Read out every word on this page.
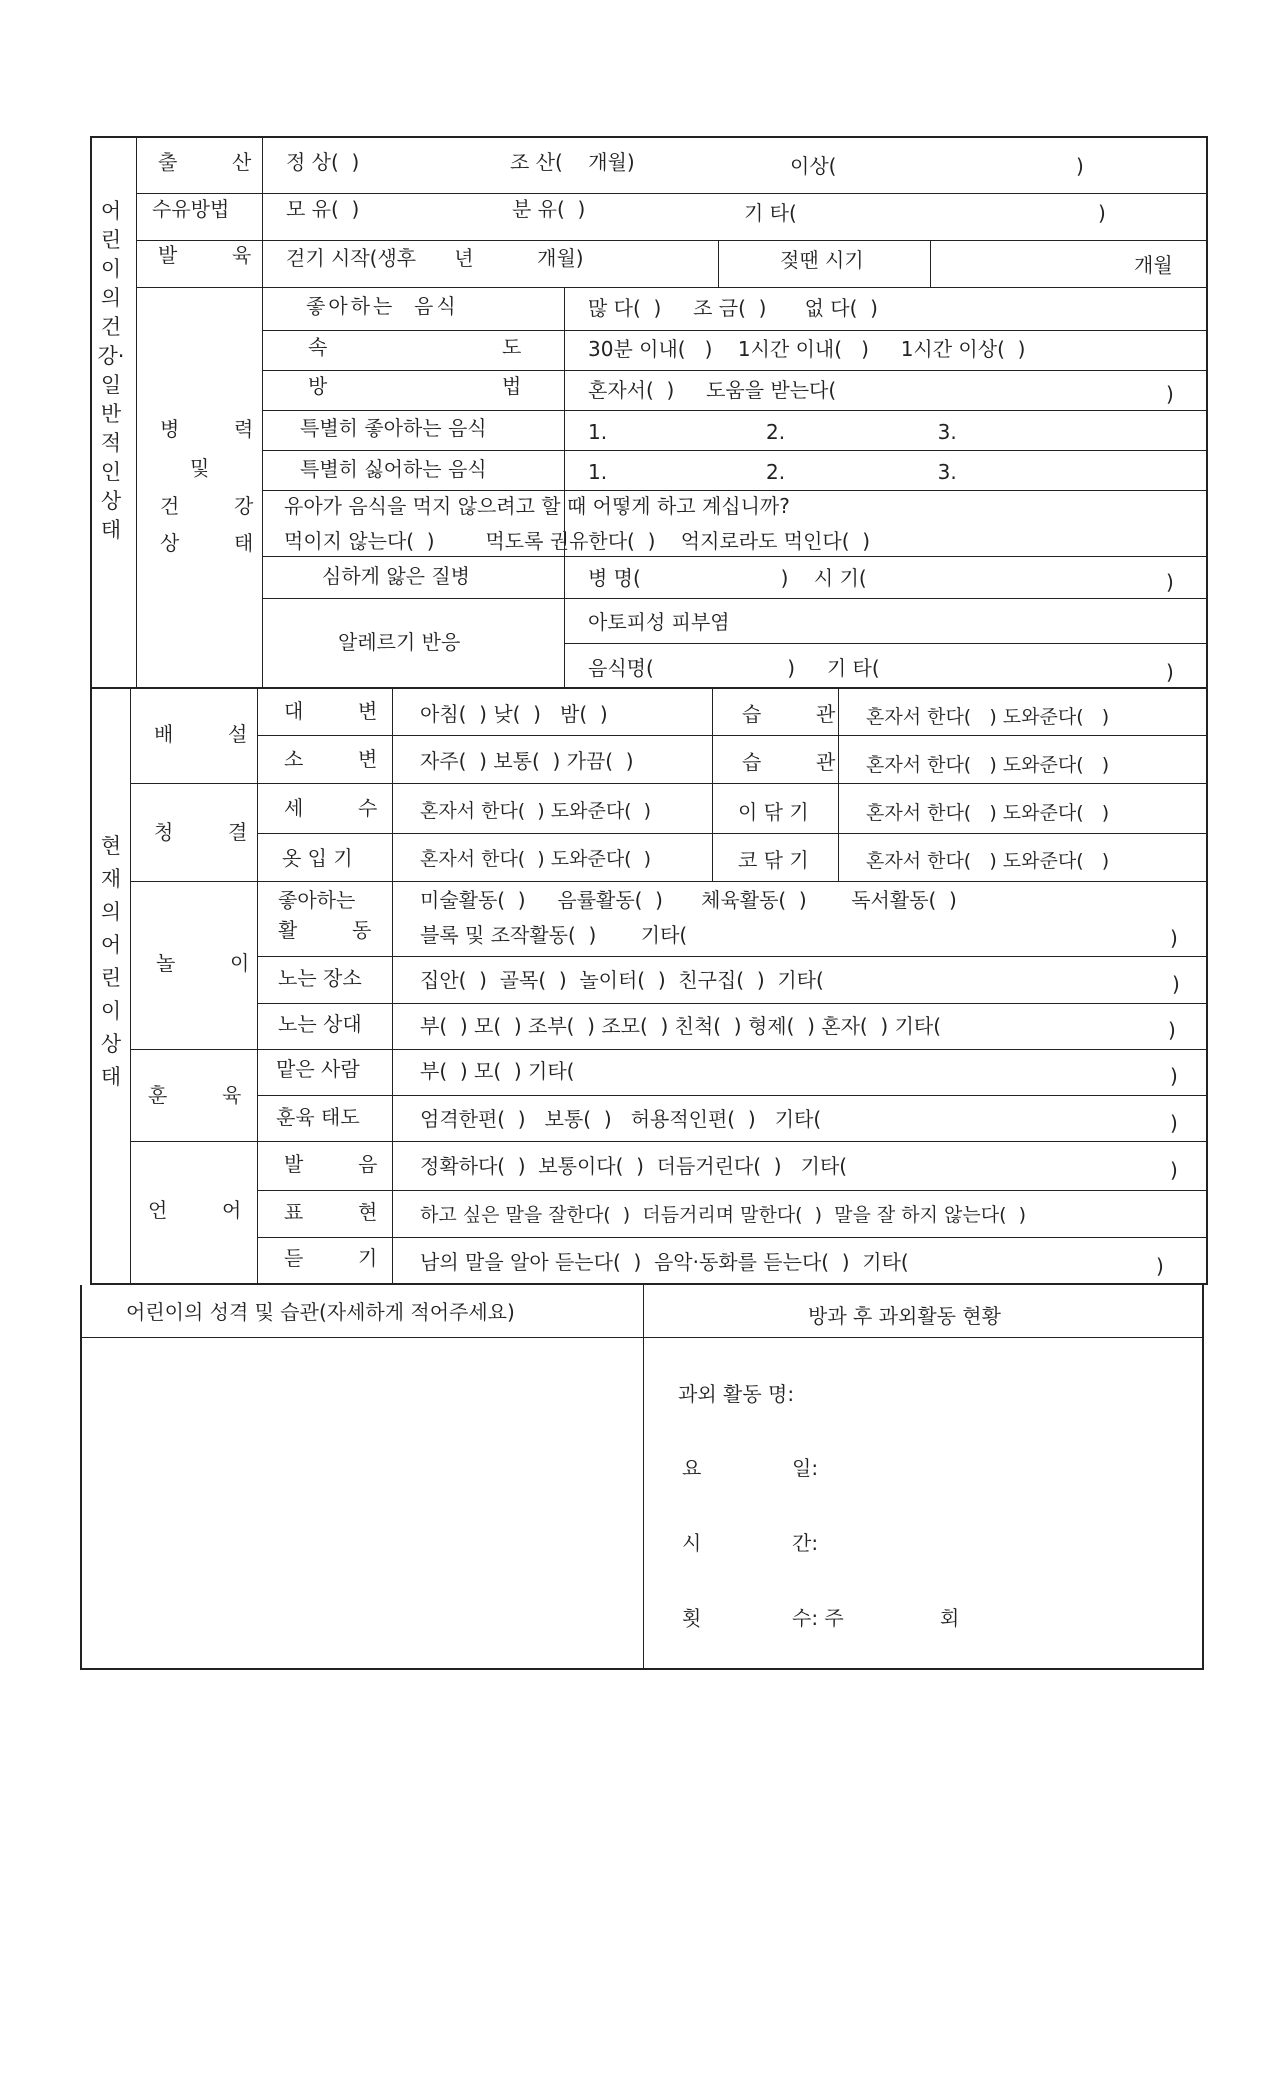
어린이의 건강·일반적인상태
출  산 정 상(  )	조 산(    개월)	이상(	)
수유방법	모 유(  )	분 유(  )	기 타(	)
발  육 걷기 시작(생후      년          개월)	젖땐 시기	개월
병  력
및
건  강
상  태
좋아하는  음식	많 다(  )     조 금(  )      없 다(  )
속	도	30분 이내(   )    1시간 이내(   )     1시간 이상(  )
방	법	혼자서(  )     도움을 받는다(	)
특별히 좋아하는 음식	1.                         2.                        3.
특별히 싫어하는 음식	1.                         2.                        3.
유아가 음식을 먹지 않으려고 할 때 어떻게 하고 계십니까?
먹이지 않는다(  )        먹도록 권유한다(  )    억지로라도 먹인다(  )
심하게 앓은 질병	병 명(                      )    시 기(	)
알레르기 반응
아토피성 피부염
음식명(                     )     기 타(	)
현재의 어린이상태
배  설
대  변 아침(  ) 낮(  )   밤(  )	습  관 혼자서 한다(   ) 도와준다(   )
소  변 자주(  ) 보통(  ) 가끔(  )	습  관 혼자서 한다(   ) 도와준다(   )
청  결
세  수 혼자서 한다(  ) 도와준다(  )	이 닦 기	혼자서 한다(   ) 도와준다(   )
옷 입 기	혼자서 한다(  ) 도와준다(  )	코 닦 기	혼자서 한다(   ) 도와준다(   )
놀  이
좋아하는
활  동
미술활동(  )     음률활동(  )      체육활동(  )       독서활동(  )
블록 및 조작활동(  )       기타(	)
노는 장소	집안(  )  골목(  )  놀이터(  )  친구집(  )  기타(	)
노는 상대	부(  ) 모(  ) 조부(  ) 조모(  ) 친척(  ) 형제(  ) 혼자(  ) 기타(	)
훈  육
맡은 사람	부(  ) 모(  ) 기타(	)
훈육 태도	엄격한편(  )   보통(  )   허용적인편(  )   기타(	)
언  어
발  음 정확하다(  )  보통이다(  )  더듬거린다(  )   기타(	)
표  현 하고 싶은 말을 잘한다(  )  더듬거리며 말한다(  )  말을 잘 하지 않는다(  )
듣  기 남의 말을 알아 듣는다(  )  음악·동화를 듣는다(  )  기타(	)
어린이의 성격 및 습관(자세하게 적어주세요)	방과 후 과외활동 현황
과외 활동 명:
요	일:
시	간:
횟	수: 주	회
